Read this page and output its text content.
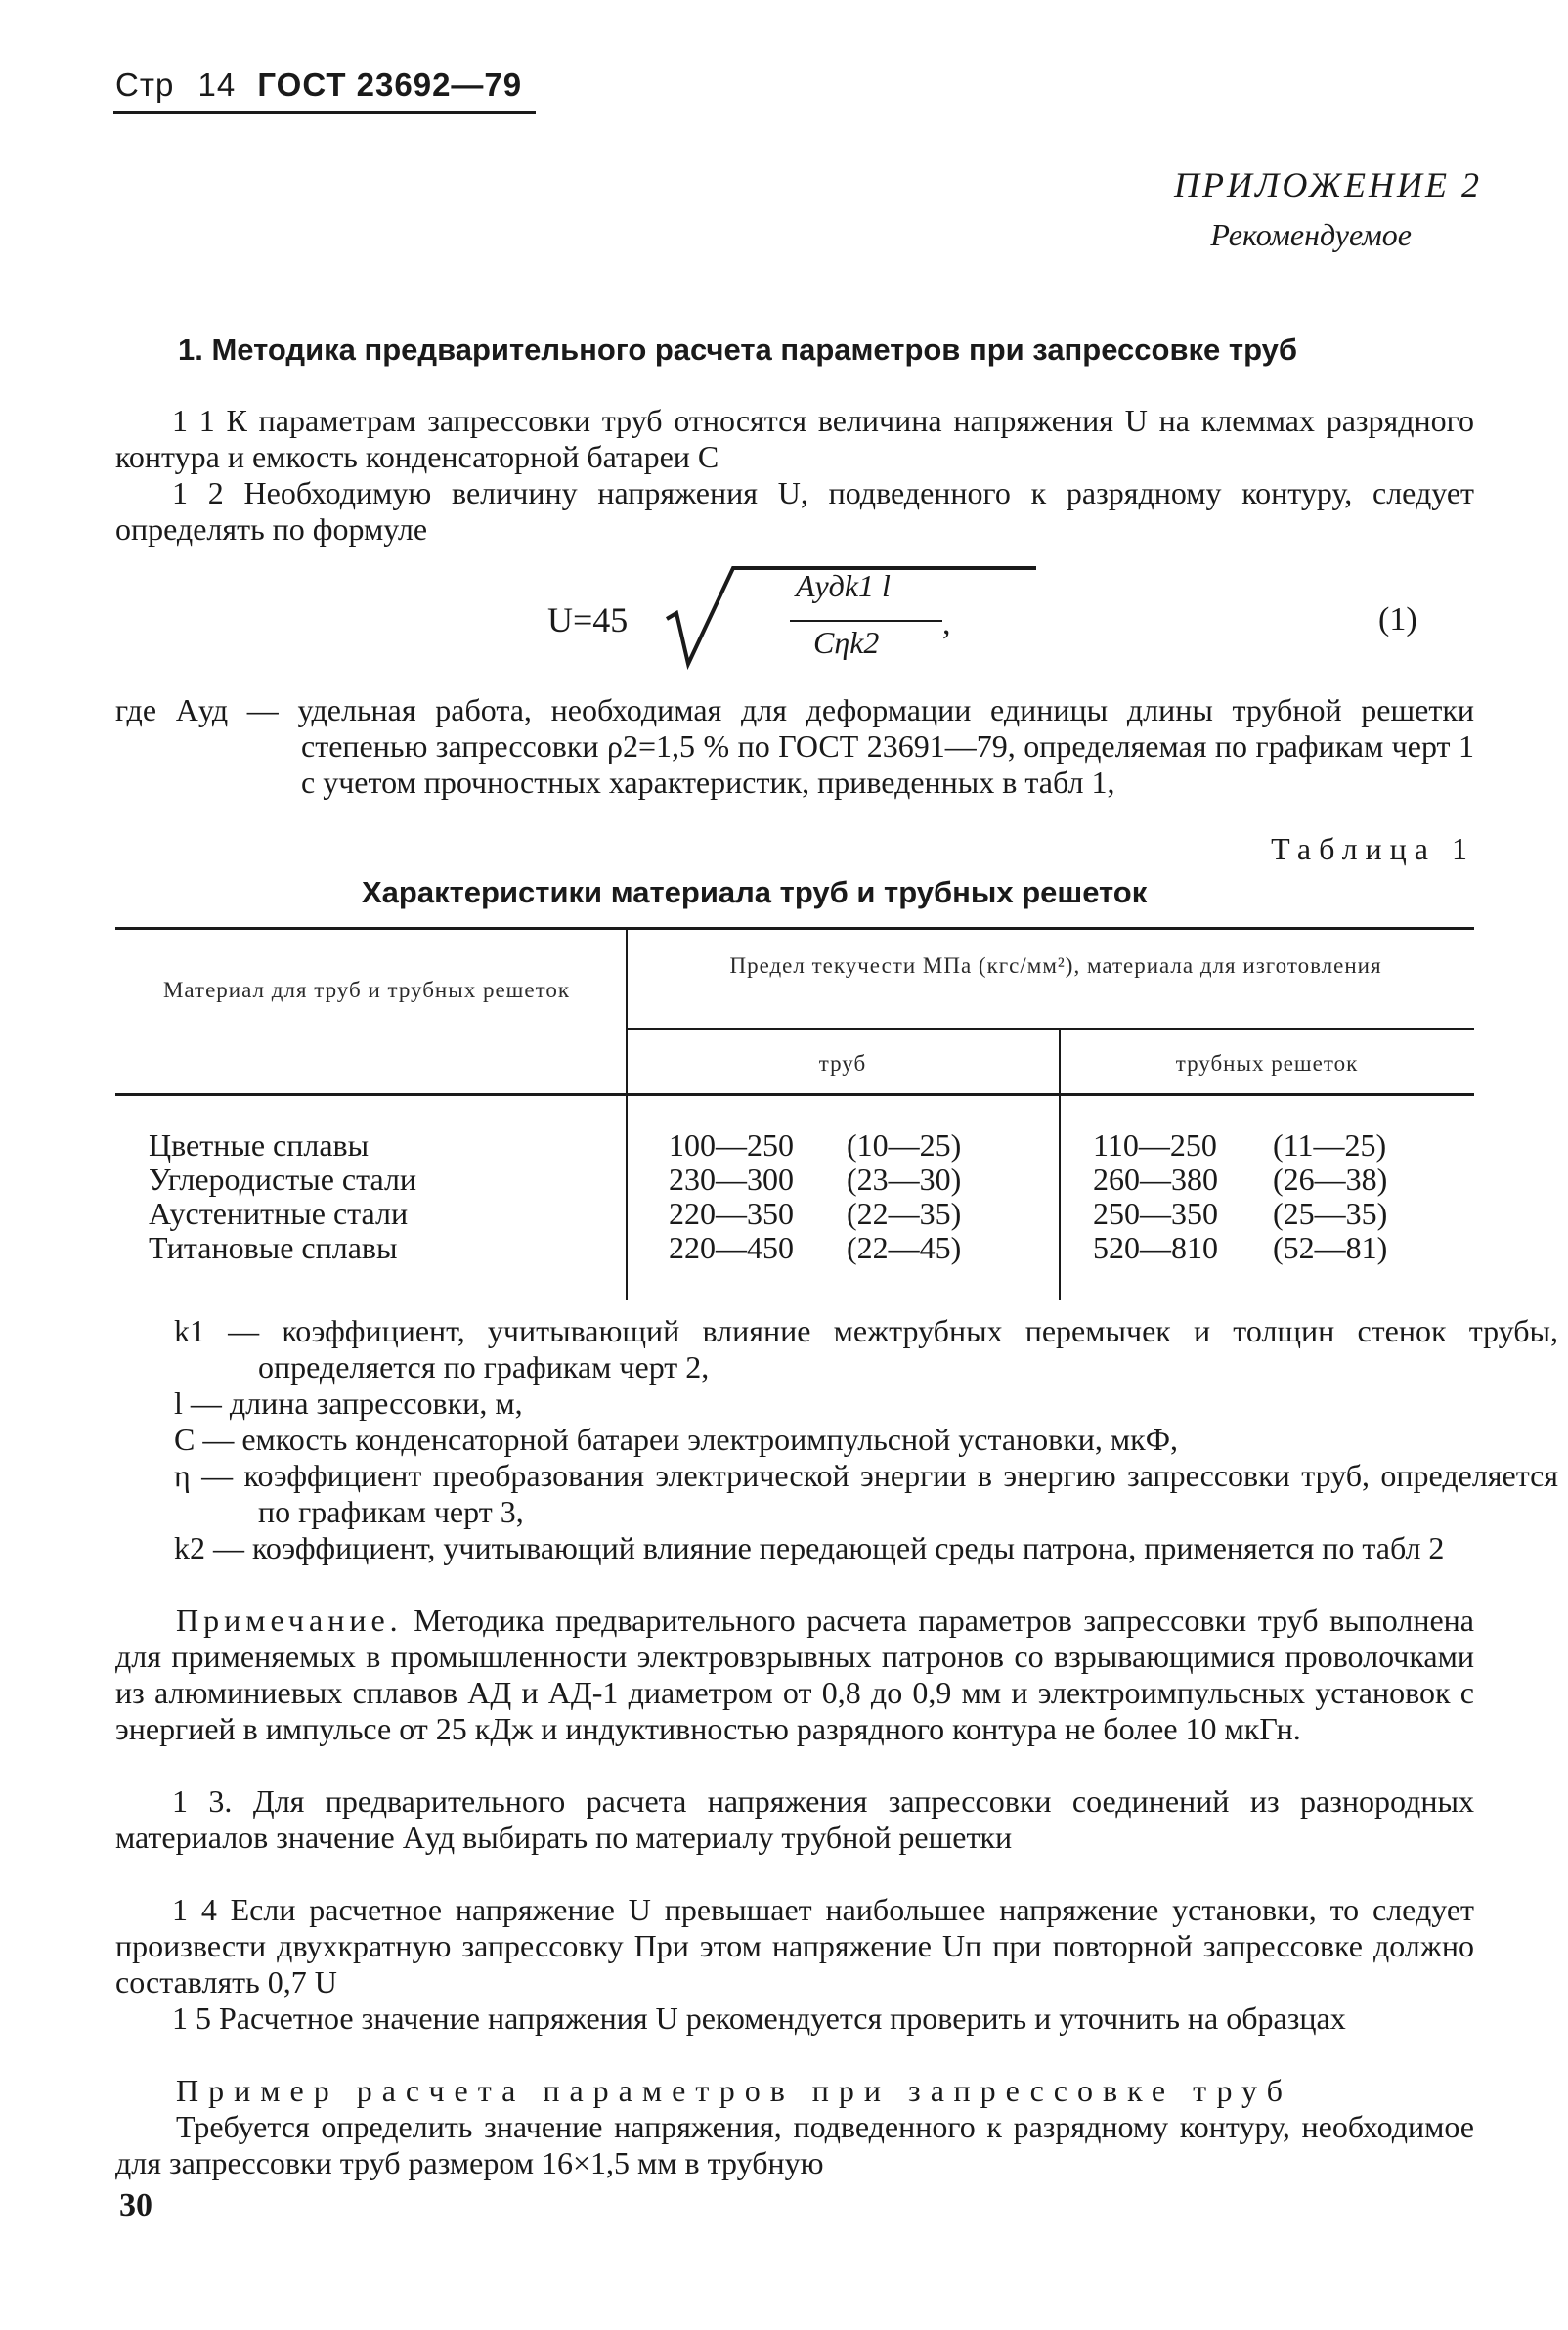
Стр 14 ГОСТ 23692—79
ПРИЛОЖЕНИЕ 2
Рекомендуемое
1. Методика предварительного расчета параметров при запрессовке труб
1 1 К параметрам запрессовки труб относятся величина напряжения U на клеммах разрядного контура и емкость конденсаторной батареи C
1 2 Необходимую величину напряжения U, подведенного к разрядному контуру, следует определять по формуле
U=45
Aудk1 l
Cηk2
,	(1)
где Aуд — удельная работа, необходимая для деформации единицы длины трубной решетки степенью запрессовки ρ2=1,5 % по ГОСТ 23691—79, определяемая по графикам черт 1 с учетом прочностных характеристик, приведенных в табл 1,
Таблица 1
Характеристики материала труб и трубных решеток
Материал для труб и трубных решеток
Предел текучести МПа (кгс/мм²), материала для изготовления
труб	трубных решеток
Цветные сплавы	100—250 (10—25)	110—250 (11—25)
Углеродистые стали	230—300 (23—30)	260—380 (26—38)
Аустенитные стали	220—350 (22—35)	250—350 (25—35)
Титановые сплавы	220—450 (22—45)	520—810 (52—81)
k1 — коэффициент, учитывающий влияние межтрубных перемычек и толщин стенок трубы, определяется по графикам черт 2,
l — длина запрессовки, м,
C — емкость конденсаторной батареи электроимпульсной установки, мкФ,
η — коэффициент преобразования электрической энергии в энергию запрессовки труб, определяется по графикам черт 3,
k2 — коэффициент, учитывающий влияние передающей среды патрона, применяется по табл 2
Примечание. Методика предварительного расчета параметров запрессовки труб выполнена для применяемых в промышленности электровзрывных патронов со взрывающимися проволочками из алюминиевых сплавов АД и АД-1 диаметром от 0,8 до 0,9 мм и электроимпульсных установок с энергией в импульсе от 25 кДж и индуктивностью разрядного контура не более 10 мкГн.
1 3. Для предварительного расчета напряжения запрессовки соединений из разнородных материалов значение Aуд выбирать по материалу трубной решетки
1 4 Если расчетное напряжение U превышает наибольшее напряжение установки, то следует произвести двухкратную запрессовку При этом напряжение Uп при повторной запрессовке должно составлять 0,7 U
1 5 Расчетное значение напряжения U рекомендуется проверить и уточнить на образцах
Пример расчета параметров при запрессовке труб
Требуется определить значение напряжения, подведенного к разрядному контуру, необходимое для запрессовки труб размером 16×1,5 мм в трубную
30
